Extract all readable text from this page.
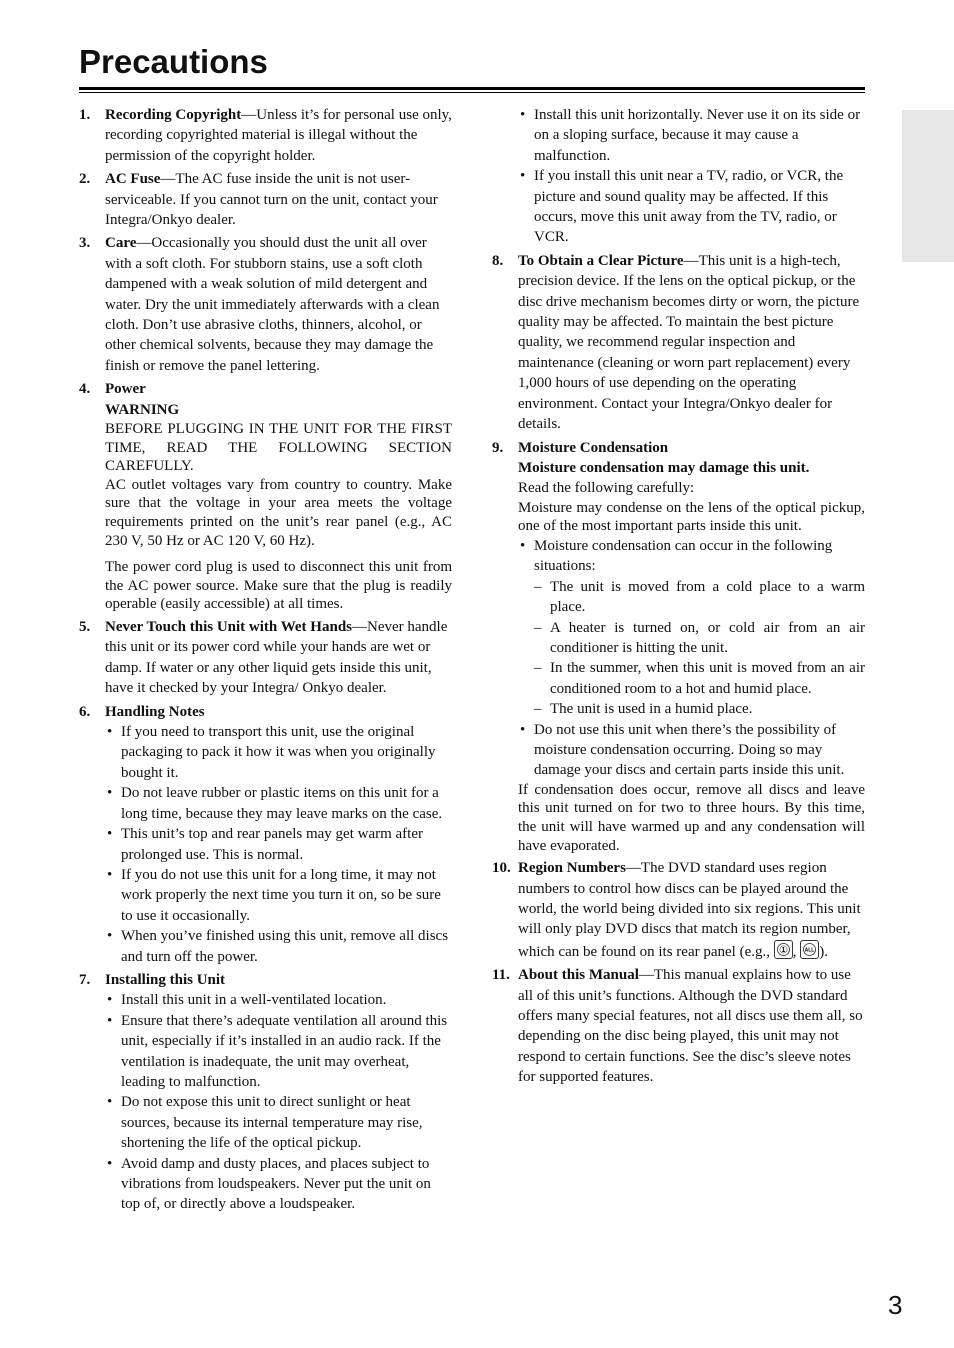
Precautions
1. Recording Copyright—Unless it’s for personal use only, recording copyrighted material is illegal without the permission of the copyright holder.
2. AC Fuse—The AC fuse inside the unit is not user-serviceable. If you cannot turn on the unit, contact your Integra/Onkyo dealer.
3. Care—Occasionally you should dust the unit all over with a soft cloth. For stubborn stains, use a soft cloth dampened with a weak solution of mild detergent and water. Dry the unit immediately afterwards with a clean cloth. Don’t use abrasive cloths, thinners, alcohol, or other chemical solvents, because they may damage the finish or remove the panel lettering.
4. Power
WARNING
BEFORE PLUGGING IN THE UNIT FOR THE FIRST TIME, READ THE FOLLOWING SECTION CAREFULLY.
AC outlet voltages vary from country to country. Make sure that the voltage in your area meets the voltage requirements printed on the unit’s rear panel (e.g., AC 230 V, 50 Hz or AC 120 V, 60 Hz).
The power cord plug is used to disconnect this unit from the AC power source. Make sure that the plug is readily operable (easily accessible) at all times.
5. Never Touch this Unit with Wet Hands—Never handle this unit or its power cord while your hands are wet or damp. If water or any other liquid gets inside this unit, have it checked by your Integra/ Onkyo dealer.
6. Handling Notes
• If you need to transport this unit, use the original packaging to pack it how it was when you originally bought it.
• Do not leave rubber or plastic items on this unit for a long time, because they may leave marks on the case.
• This unit’s top and rear panels may get warm after prolonged use. This is normal.
• If you do not use this unit for a long time, it may not work properly the next time you turn it on, so be sure to use it occasionally.
• When you’ve finished using this unit, remove all discs and turn off the power.
7. Installing this Unit
• Install this unit in a well-ventilated location.
• Ensure that there’s adequate ventilation all around this unit, especially if it’s installed in an audio rack. If the ventilation is inadequate, the unit may overheat, leading to malfunction.
• Do not expose this unit to direct sunlight or heat sources, because its internal temperature may rise, shortening the life of the optical pickup.
• Avoid damp and dusty places, and places subject to vibrations from loudspeakers. Never put the unit on top of, or directly above a loudspeaker.
• Install this unit horizontally. Never use it on its side or on a sloping surface, because it may cause a malfunction.
• If you install this unit near a TV, radio, or VCR, the picture and sound quality may be affected. If this occurs, move this unit away from the TV, radio, or VCR.
8. To Obtain a Clear Picture—This unit is a high-tech, precision device. If the lens on the optical pickup, or the disc drive mechanism becomes dirty or worn, the picture quality may be affected. To maintain the best picture quality, we recommend regular inspection and maintenance (cleaning or worn part replacement) every 1,000 hours of use depending on the operating environment. Contact your Integra/Onkyo dealer for details.
9. Moisture Condensation
Moisture condensation may damage this unit.
Read the following carefully:
Moisture may condense on the lens of the optical pickup, one of the most important parts inside this unit.
• Moisture condensation can occur in the following situations:
– The unit is moved from a cold place to a warm place.
– A heater is turned on, or cold air from an air conditioner is hitting the unit.
– In the summer, when this unit is moved from an air conditioned room to a hot and humid place.
– The unit is used in a humid place.
• Do not use this unit when there’s the possibility of moisture condensation occurring. Doing so may damage your discs and certain parts inside this unit.
If condensation does occur, remove all discs and leave this unit turned on for two to three hours. By this time, the unit will have warmed up and any condensation will have evaporated.
10. Region Numbers—The DVD standard uses region numbers to control how discs can be played around the world, the world being divided into six regions. This unit will only play DVD discs that match its region number, which can be found on its rear panel (e.g., 1 , ALL ).
11. About this Manual—This manual explains how to use all of this unit’s functions. Although the DVD standard offers many special features, not all discs use them all, so depending on the disc being played, this unit may not respond to certain functions. See the disc’s sleeve notes for supported features.
3
